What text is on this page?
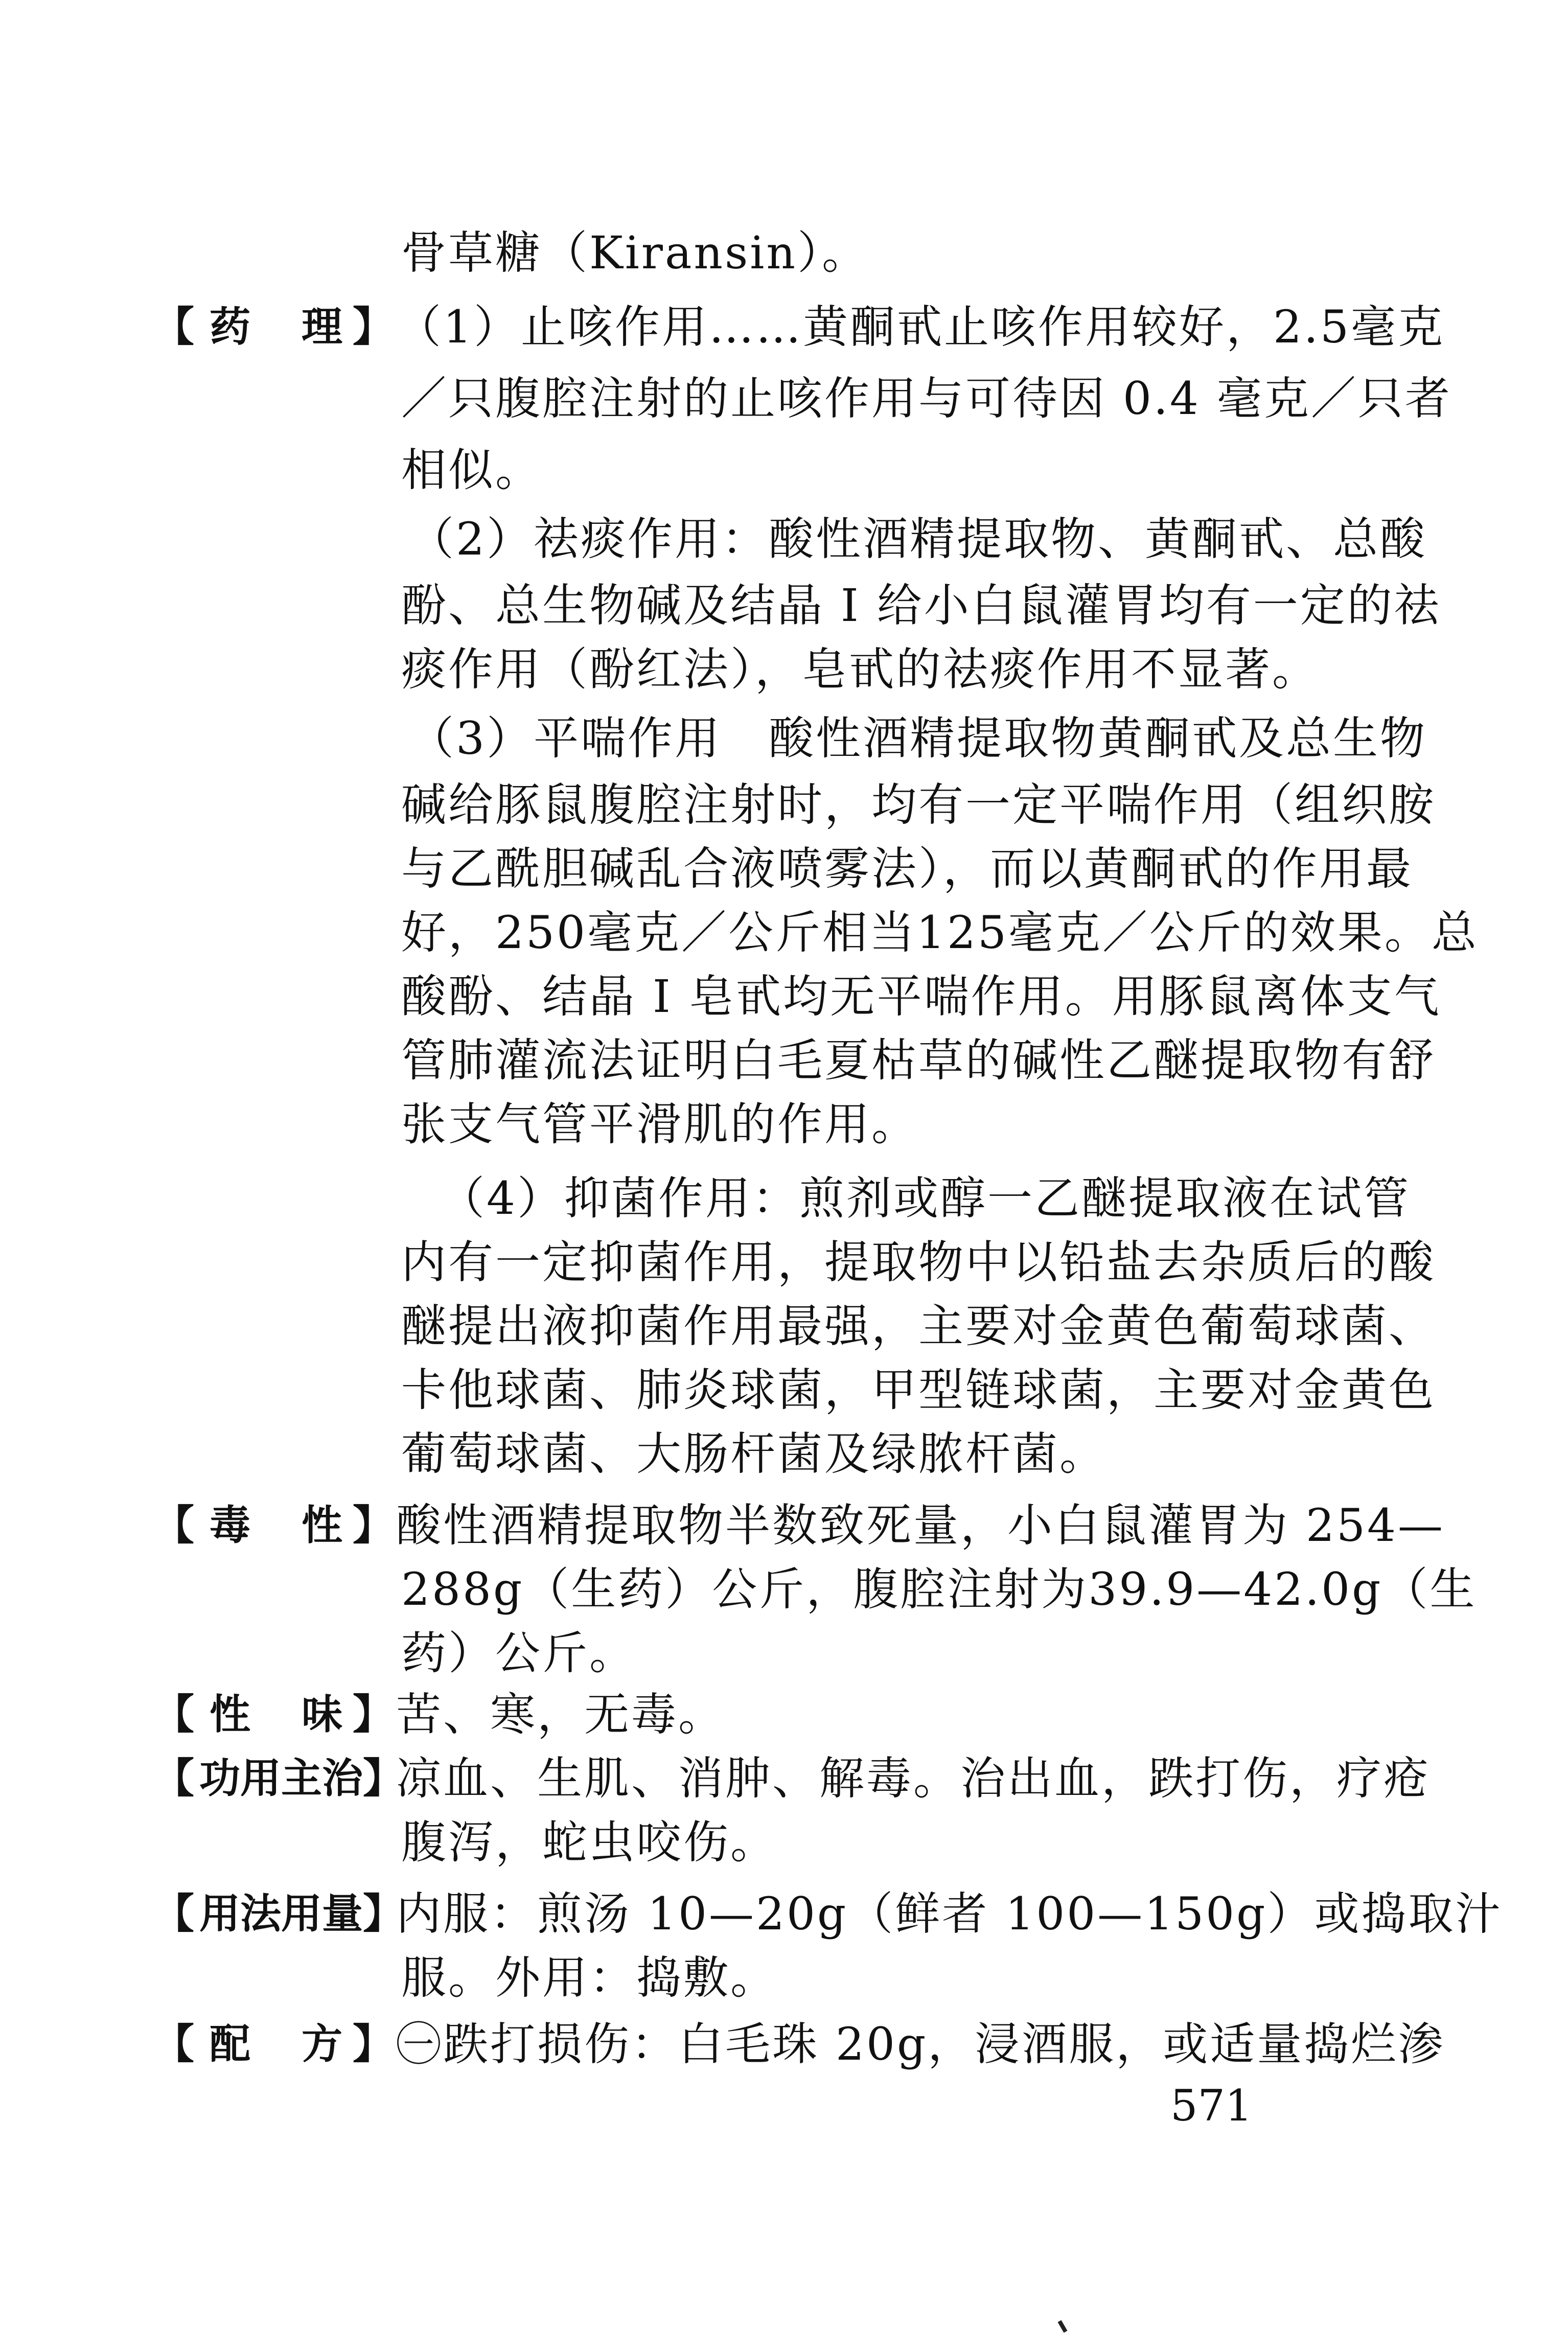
骨草糖（Kiransin）。
【 药 理 】 （1）止咳作用……黄酮甙止咳作用较好，2.5毫克
／只腹腔注射的止咳作用与可待因 0.4 毫克／只者
相似。
（2）祛痰作用：酸性酒精提取物、黄酮甙、总酸
酚、总生物碱及结晶 I 给小白鼠灌胃均有一定的祛
痰作用（酚红法），皂甙的祛痰作用不显著。
（3）平喘作用　酸性酒精提取物黄酮甙及总生物
碱给豚鼠腹腔注射时，均有一定平喘作用（组织胺
与乙酰胆碱乱合液喷雾法），而以黄酮甙的作用最
好，250毫克／公斤相当125毫克／公斤的效果。总
酸酚、结晶 I 皂甙均无平喘作用。用豚鼠离体支气
管肺灌流法证明白毛夏枯草的碱性乙醚提取物有舒
张支气管平滑肌的作用。
（4）抑菌作用：煎剂或醇一乙醚提取液在试管
内有一定抑菌作用，提取物中以铅盐去杂质后的酸
醚提出液抑菌作用最强，主要对金黄色葡萄球菌、
卡他球菌、肺炎球菌，甲型链球菌，主要对金黄色
葡萄球菌、大肠杆菌及绿脓杆菌。
【 毒 性 】 酸性酒精提取物半数致死量，小白鼠灌胃为 254—
288g（生药）公斤，腹腔注射为39.9—42.0g（生
药）公斤。
【 性 味 】 苦、寒，无毒。
【 功 用 主 治 】
凉血、生肌、消肿、解毒。治出血，跌打伤，疗疮
腹泻，蛇虫咬伤。
【 用 法 用 量 】
内服：煎汤 10—20g（鲜者 100—150g）或捣取汁
服。外用：捣敷。
【 配 方 】 ㊀跌打损伤：白毛珠 20g，浸酒服，或适量捣烂渗
571
